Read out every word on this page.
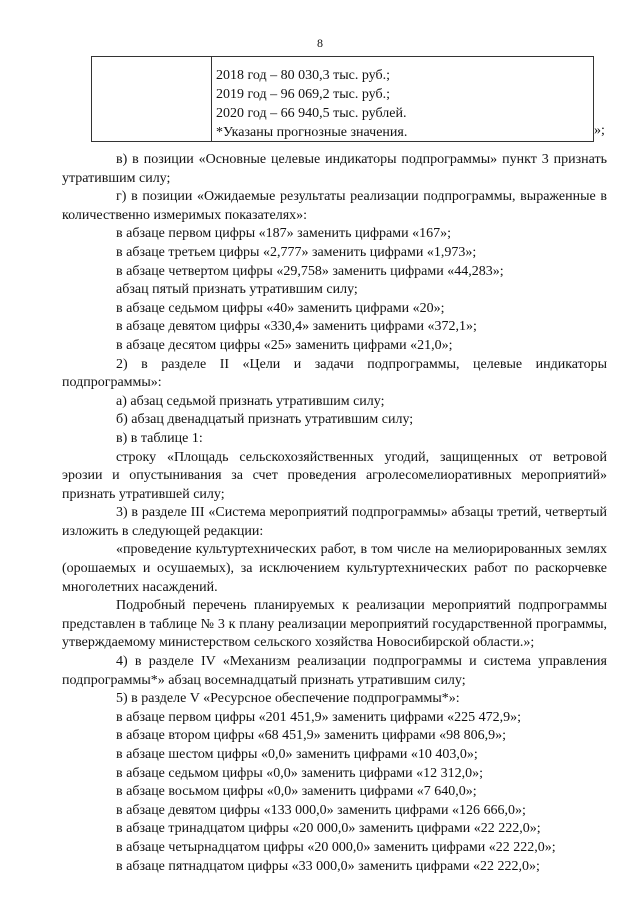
8
2018 год – 80 030,3 тыс. руб.;
2019 год – 96 069,2 тыс. руб.;
2020 год – 66 940,5 тыс. рублей.
*Указаны прогнозные значения.	»;

в) в позиции «Основные целевые индикаторы подпрограммы» пункт 3 признать утратившим силу;

г) в позиции «Ожидаемые результаты реализации подпрограммы, выраженные в количественно измеримых показателях»:

в абзаце первом цифры «187» заменить цифрами «167»;

в абзаце третьем цифры «2,777» заменить цифрами «1,973»;

в абзаце четвертом цифры «29,758» заменить цифрами «44,283»;

абзац пятый признать утратившим силу;

в абзаце седьмом цифры «40» заменить цифрами «20»;

в абзаце девятом цифры «330,4» заменить цифрами «372,1»;

в абзаце десятом цифры «25» заменить цифрами «21,0»;

2) в разделе II «Цели и задачи подпрограммы, целевые индикаторы подпрограммы»:

а) абзац седьмой признать утратившим силу;

б) абзац двенадцатый признать утратившим силу;

в) в таблице 1:

строку «Площадь сельскохозяйственных угодий, защищенных от ветровой эрозии и опустынивания за счет проведения агролесомелиоративных мероприятий» признать утратившей силу;

3) в разделе III «Система мероприятий подпрограммы» абзацы третий, четвертый изложить в следующей редакции:

«проведение культуртехнических работ, в том числе на мелиорированных землях (орошаемых и осушаемых), за исключением культуртехнических работ по раскорчевке многолетних насаждений.

Подробный перечень планируемых к реализации мероприятий подпрограммы представлен в таблице № 3 к плану реализации мероприятий государственной программы, утверждаемому министерством сельского хозяйства Новосибирской области.»;

4) в разделе IV «Механизм реализации подпрограммы и система управления подпрограммы*» абзац восемнадцатый признать утратившим силу;

5) в разделе V «Ресурсное обеспечение подпрограммы*»:

в абзаце первом цифры «201 451,9» заменить цифрами «225 472,9»;

в абзаце втором цифры «68 451,9» заменить цифрами «98 806,9»;

в абзаце шестом цифры «0,0» заменить цифрами «10 403,0»;

в абзаце седьмом цифры «0,0» заменить цифрами «12 312,0»;

в абзаце восьмом цифры «0,0» заменить цифрами «7 640,0»;

в абзаце девятом цифры «133 000,0» заменить цифрами «126 666,0»;

в абзаце тринадцатом цифры «20 000,0» заменить цифрами «22 222,0»;

в абзаце четырнадцатом цифры «20 000,0» заменить цифрами «22 222,0»;

в абзаце пятнадцатом цифры «33 000,0» заменить цифрами «22 222,0»;
